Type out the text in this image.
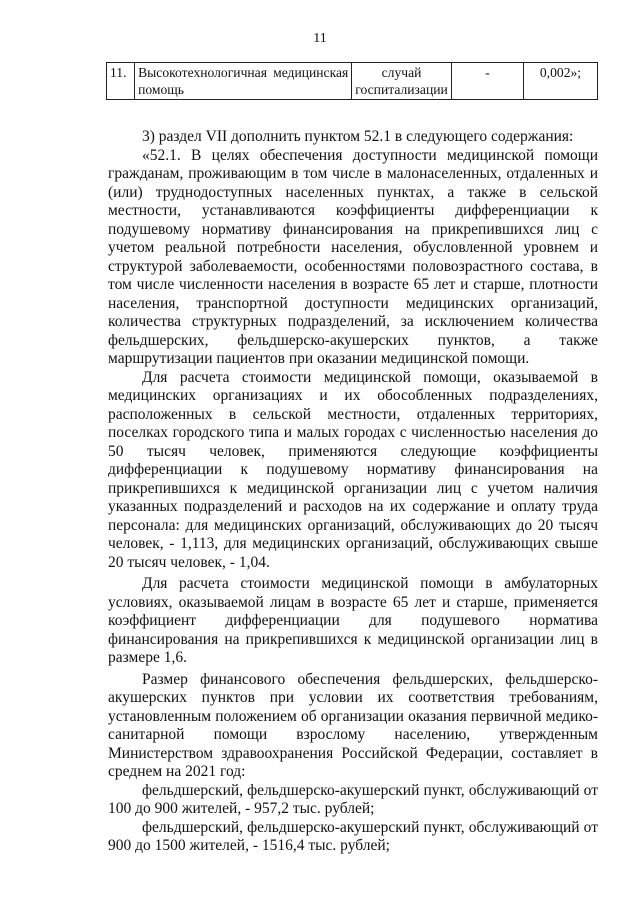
11
11.	Высокотехнологичная медицинская помощь	случай госпитализации	-	0,002»;

3) раздел VII дополнить пунктом 52.1 в следующего содержания:

«52.1. В целях обеспечения доступности медицинской помощи гражданам, проживающим в том числе в малонаселенных, отдаленных и (или) труднодоступных населенных пунктах, а также в сельской местности, устанавливаются коэффициенты дифференциации к подушевому нормативу финансирования на прикрепившихся лиц с учетом реальной потребности населения, обусловленной уровнем и структурой заболеваемости, особенностями половозрастного состава, в том числе численности населения в возрасте 65 лет и старше, плотности населения, транспортной доступности медицинских организаций, количества структурных подразделений, за исключением количества фельдшерских, фельдшерско-акушерских пунктов, а также маршрутизации пациентов при оказании медицинской помощи.

Для расчета стоимости медицинской помощи, оказываемой в медицинских организациях и их обособленных подразделениях, расположенных в сельской местности, отдаленных территориях, поселках городского типа и малых городах с численностью населения до 50 тысяч человек, применяются следующие коэффициенты дифференциации к подушевому нормативу финансирования на прикрепившихся к медицинской организации лиц с учетом наличия указанных подразделений и расходов на их содержание и оплату труда персонала: для медицинских организаций, обслуживающих до 20 тысяч человек, - 1,113, для медицинских организаций, обслуживающих свыше 20 тысяч человек, - 1,04.

Для расчета стоимости медицинской помощи в амбулаторных условиях, оказываемой лицам в возрасте 65 лет и старше, применяется коэффициент дифференциации для подушевого норматива финансирования на прикрепившихся к медицинской организации лиц в размере 1,6.

Размер финансового обеспечения фельдшерских, фельдшерско-акушерских пунктов при условии их соответствия требованиям, установленным положением об организации оказания первичной медико-санитарной помощи взрослому населению, утвержденным Министерством здравоохранения Российской Федерации, составляет в среднем на 2021 год:

фельдшерский, фельдшерско-акушерский пункт, обслуживающий от 100 до 900 жителей, - 957,2 тыс. рублей;

фельдшерский, фельдшерско-акушерский пункт, обслуживающий от 900 до 1500 жителей, - 1516,4 тыс. рублей;
